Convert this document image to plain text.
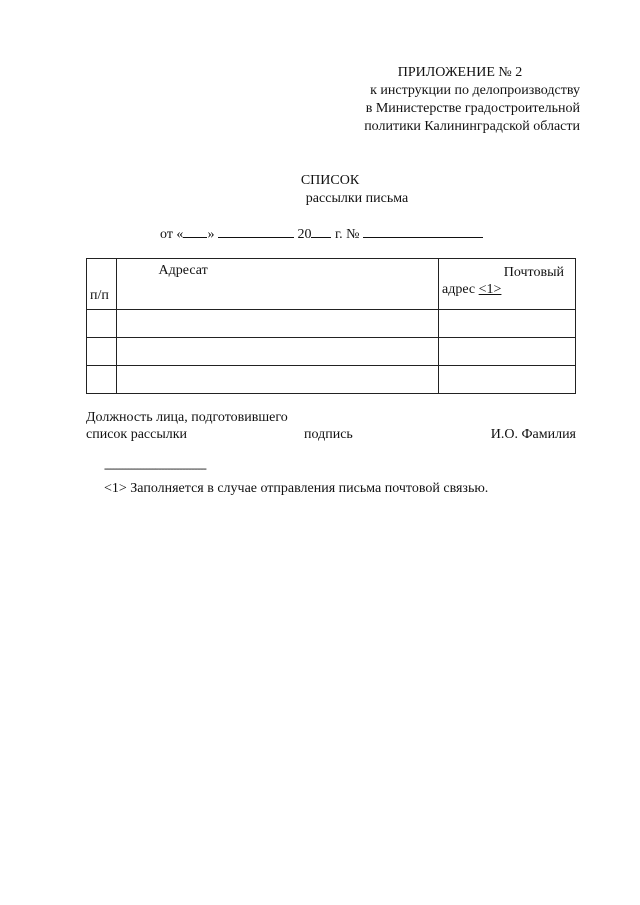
ПРИЛОЖЕНИЕ № 2
к инструкции по делопроизводству
в Министерстве градостроительной
политики Калининградской области
СПИСОК
рассылки письма
от « »	20 г. №
п/п	Адресат	Почтовый
адрес <1>

Должность лица, подготовившего
список рассылки	подпись	И.О. Фамилия
----------------------------------
<1> Заполняется в случае отправления письма почтовой связью.
